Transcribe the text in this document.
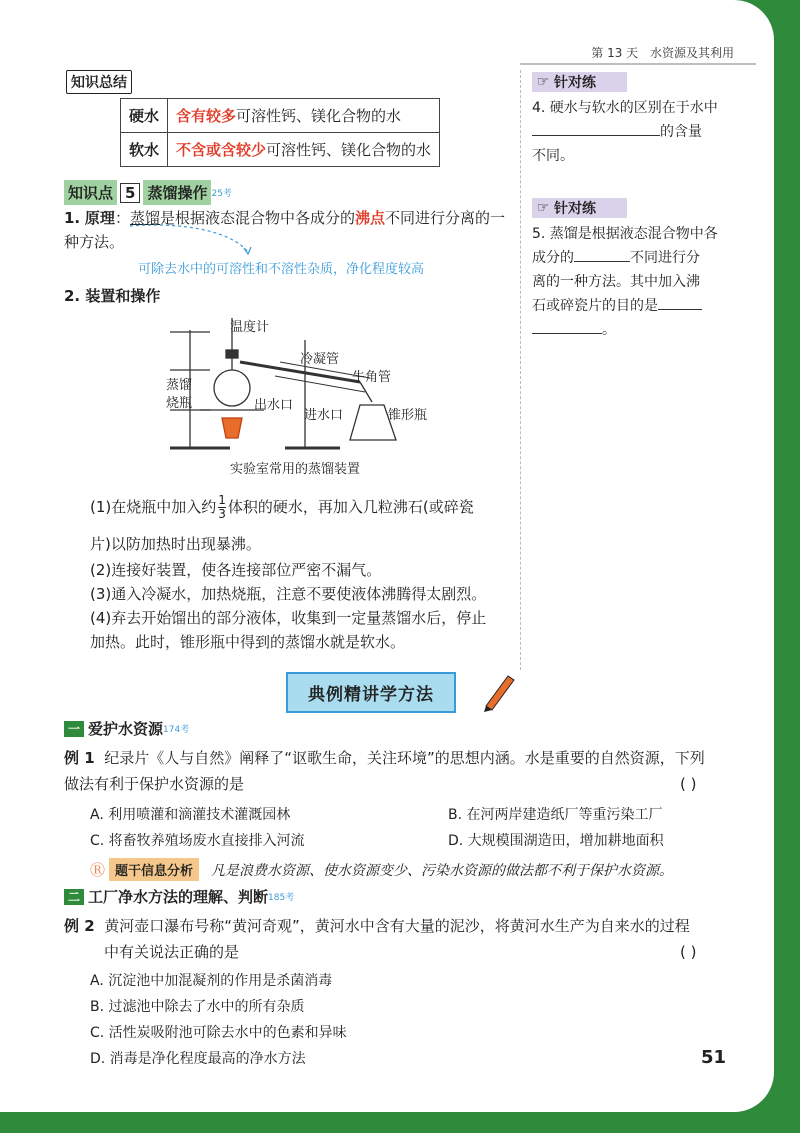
第 13 天 水资源及其利用
知识总结
硬水	含有较多可溶性钙、镁化合物的水
软水	不含或含较少可溶性钙、镁化合物的水
知识点 5 蒸馏操作 25考
1. 原理：蒸馏是根据液态混合物中各成分的沸点不同进行分离的一种方法。
可除去水中的可溶性和不溶性杂质，净化程度较高
2. 装置和操作
温度计
冷凝管
牛角管
蒸馏
烧瓶	出水口
进水口	锥形瓶
实验室常用的蒸馏装置
(1)在烧瓶中加入约 $\frac{1}{3}$ 体积的硬水，再加入几粒沸石(或碎瓷
片)以防加热时出现暴沸。
(2)连接好装置，使各连接部位严密不漏气。
(3)通入冷凝水，加热烧瓶，注意不要使液体沸腾得太剧烈。
(4)弃去开始馏出的部分液体，收集到一定量蒸馏水后，停止
加热。此时，锥形瓶中得到的蒸馏水就是软水。
☞ 针对练
4. 硬水与软水的区别在于水中
的含量
不同。
☞ 针对练
5. 蒸馏是根据液态混合物中各
成分的	不同进行分
离的一种方法。其中加入沸
石或碎瓷片的目的是
。
典例精讲学方法
一 爱护水资源 174考
例 1 纪录片《人与自然》阐释了“讴歌生命，关注环境”的思想内涵。水是重要的自然资源，下列
做法有利于保护水资源的是	( )
A. 利用喷灌和滴灌技术灌溉园林	B. 在河两岸建造纸厂等重污染工厂
C. 将畜牧养殖场废水直接排入河流	D. 大规模围湖造田，增加耕地面积
Ⓡ 题干信息分析	凡是浪费水资源、使水资源变少、污染水资源的做法都不利于保护水资源。
二 工厂净水方法的理解、判断 185考
例 2 黄河壶口瀑布号称“黄河奇观”，黄河水中含有大量的泥沙，将黄河水生产为自来水的过程
中有关说法正确的是	( )
A. 沉淀池中加混凝剂的作用是杀菌消毒
B. 过滤池中除去了水中的所有杂质
C. 活性炭吸附池可除去水中的色素和异味
D. 消毒是净化程度最高的净水方法	51
